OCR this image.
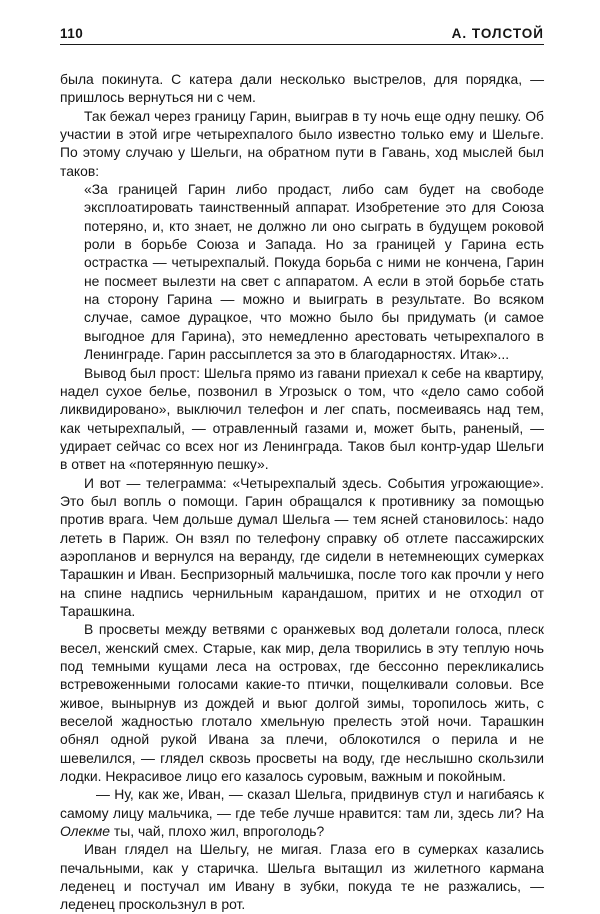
110	А. ТОЛСТОЙ

была покинута. С катера дали несколько выстрелов, для порядка, — пришлось вернуться ни с чем.

Так бежал через границу Гарин, выиграв в ту ночь еще одну пешку. Об участии в этой игре четырехпалого было известно только ему и Шельге. По этому случаю у Шельги, на обратном пути в Гавань, ход мыслей был таков:

«За границей Гарин либо продаст, либо сам будет на свободе эксплоатировать таинственный аппарат. Изобретение это для Союза потеряно, и, кто знает, не должно ли оно сыграть в будущем роковой роли в борьбе Союза и Запада. Но за границей у Гарина есть остраcтка — четырехпалый. Покуда борьба с ними не кончена, Гарин не посмеет вылезти на свет с аппаратом. А если в этой борьбе стать на сторону Гарина — можно и выиграть в результате. Во всяком случае, самое дурацкое, что можно было бы придумать (и самое выгодное для Гарина), это немедленно арестовать четырехпалого в Ленинграде. Гарин рассыплется за это в благодарностях. Итак»...

Вывод был прост: Шельга прямо из гавани приехал к себе на квартиру, надел сухое белье, позвонил в Угрозыск о том, что «дело само собой ликвидировано», выключил телефон и лег спать, посмеиваясь над тем, как четырехпалый, — отравленный газами и, может быть, раненый, — удирает сейчас со всех ног из Ленинграда. Таков был контр-удар Шельги в ответ на «потерянную пешку».

И вот — телеграмма: «Четырехпалый здесь. События угрожающие». Это был вопль о помощи. Гарин обращался к противнику за помощью против врага. Чем дольше думал Шельга — тем ясней становилось: надо лететь в Париж. Он взял по телефону справку об отлете пассажирских аэропланов и вернулся на веранду, где сидели в нетемнеющих сумерках Тарашкин и Иван. Беспризорный мальчишка, после того как прочли у него на спине надпись чернильным карандашом, притих и не отходил от Тарашкина.

В просветы между ветвями с оранжевых вод долетали голоса, плеск весел, женский смех. Старые, как мир, дела творились в эту теплую ночь под темными кущами леса на островах, где бессонно перекликались встревоженными голосами какие-то птички, пощелкивали соловьи. Все живое, вынырнув из дождей и вьюг долгой зимы, торопилось жить, с веселой жадностью глотало хмельную прелесть этой ночи. Тарашкин обнял одной рукой Ивана за плечи, облокотился о перила и не шевелился, — глядел сквозь просветы на воду, где неслышно скользили лодки. Некрасивое лицо его казалось суровым, важным и покойным.

— Ну, как же, Иван, — сказал Шельга, придвинув стул и нагибаясь к самому лицу мальчика, — где тебе лучше нравится: там ли, здесь ли? На Олекме ты, чай, плохо жил, впроголодь?

Иван глядел на Шельгу, не мигая. Глаза его в сумерках казались печальными, как у старичка. Шельга вытащил из жилетного кармана леденец и постучал им Ивану в зубки, покуда те не разжались, — леденец проскользнул в рот.
